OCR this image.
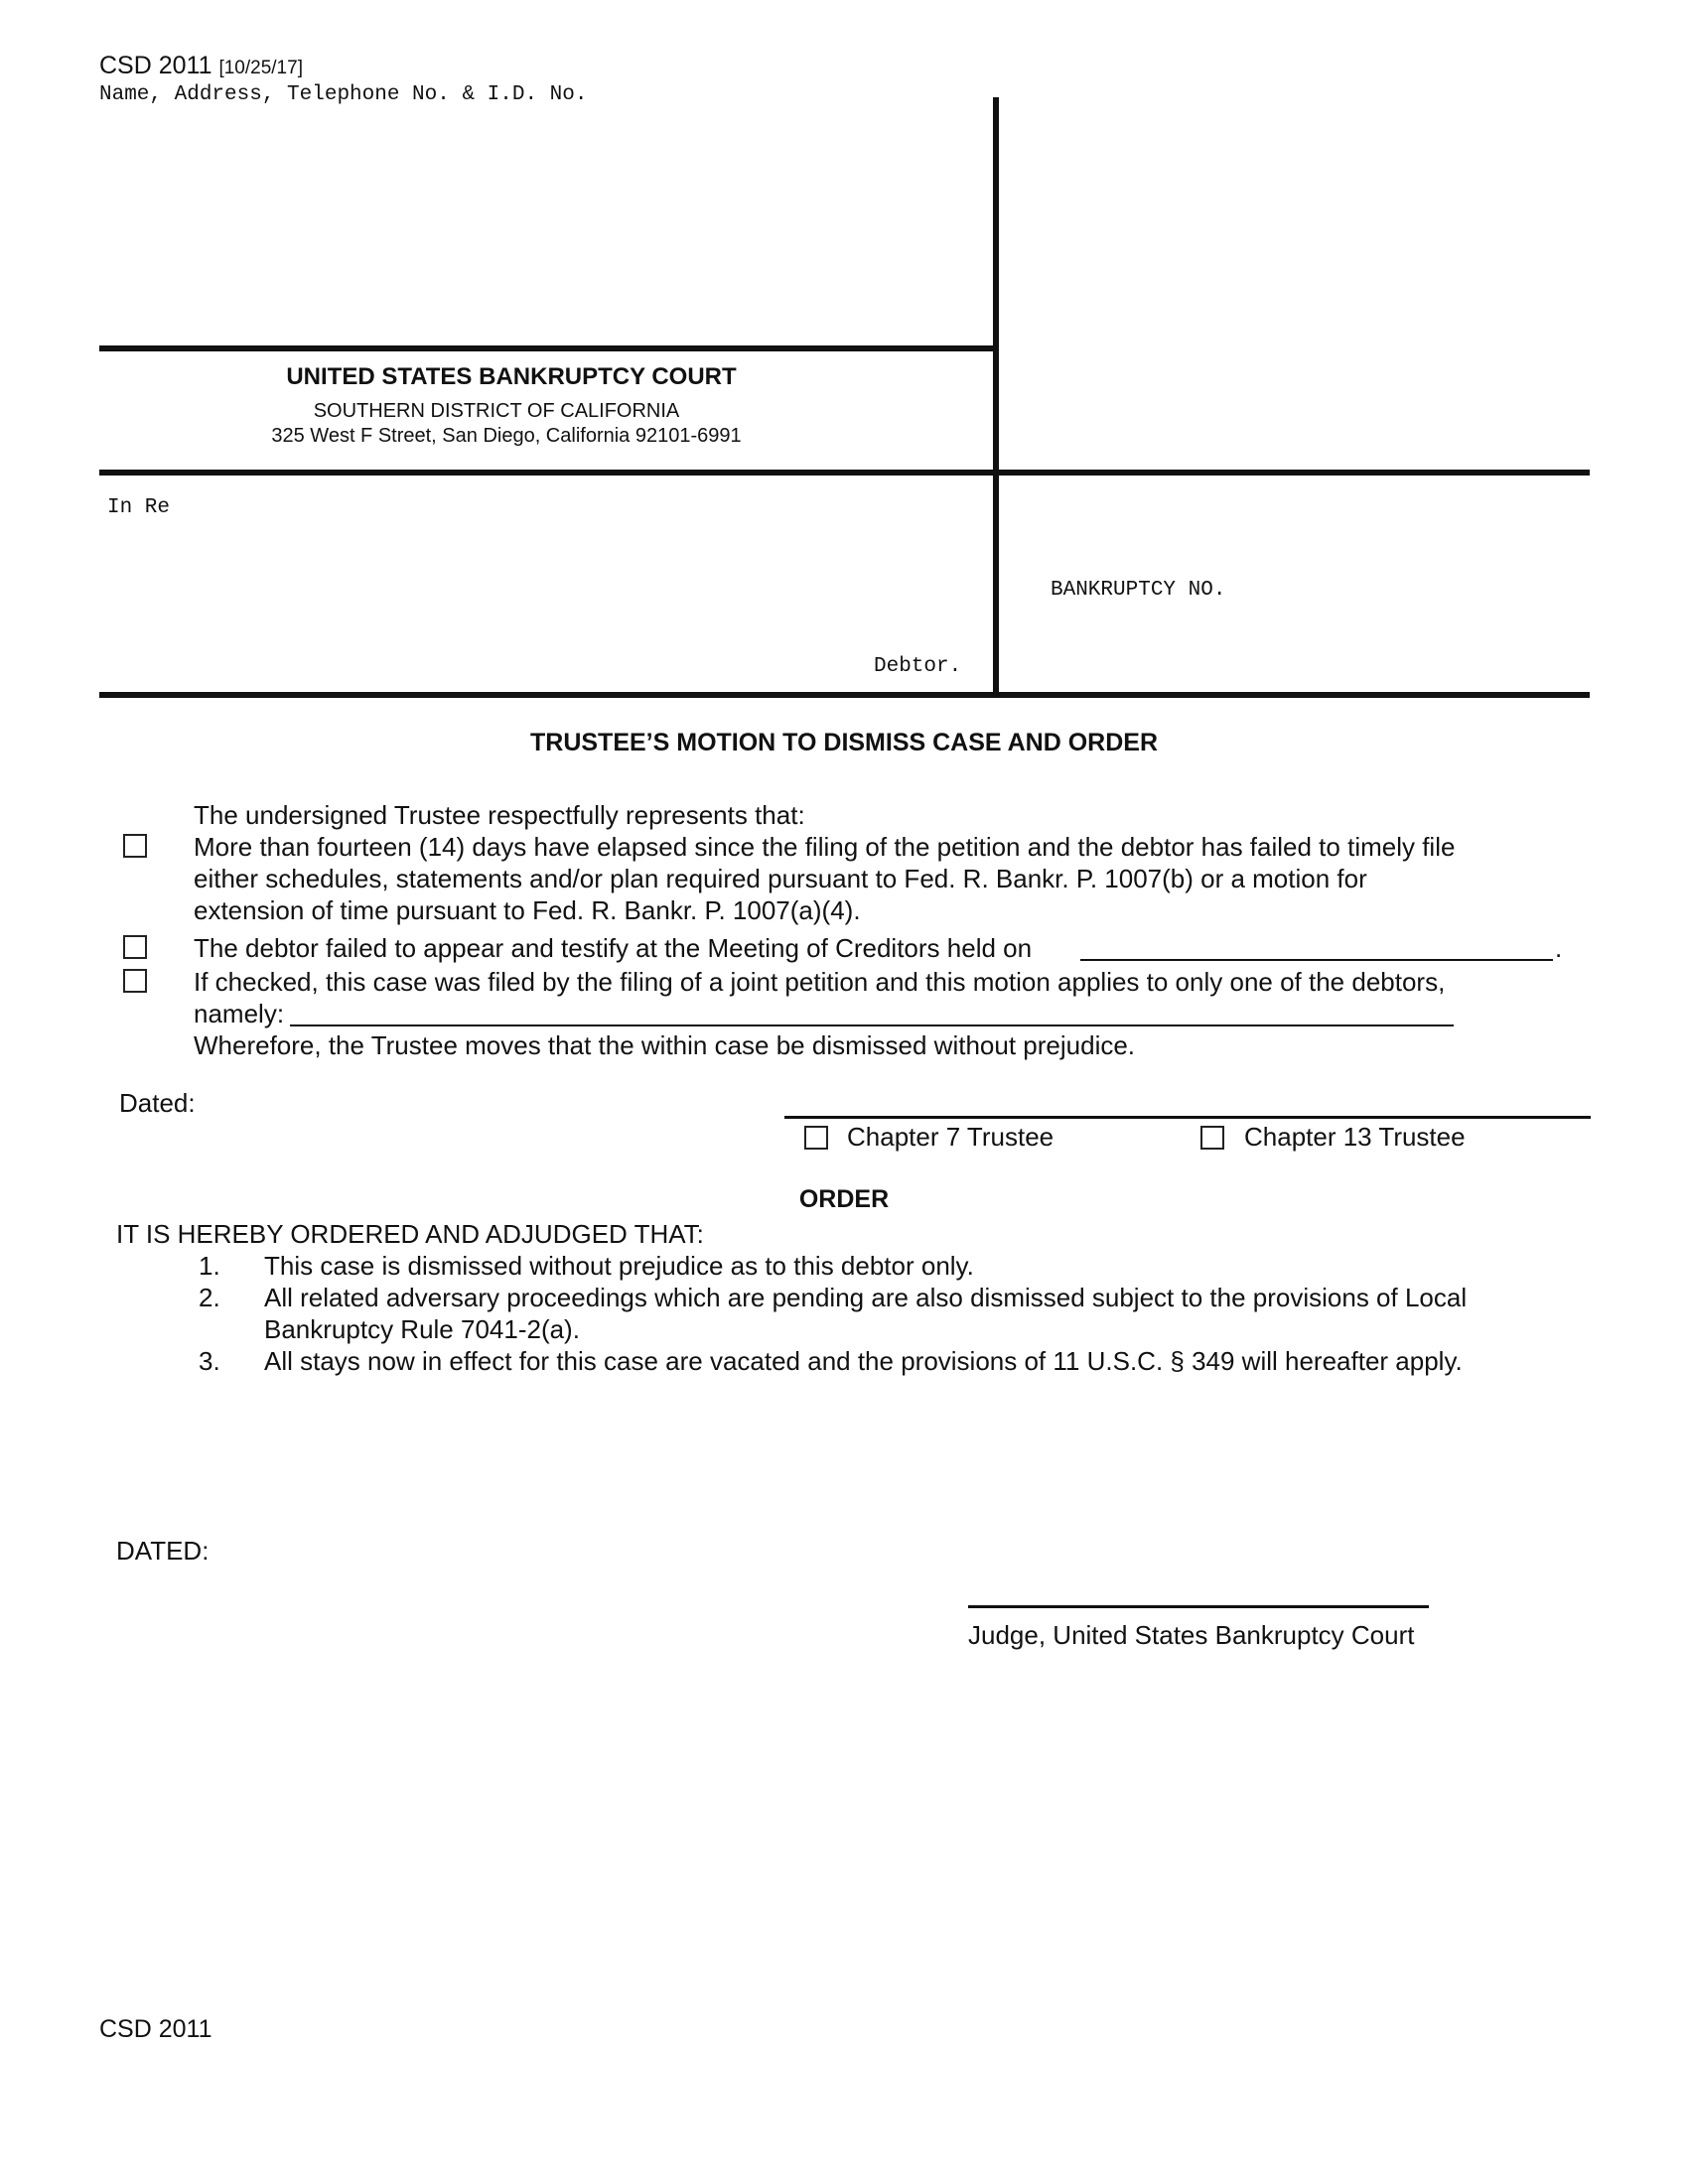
CSD 2011 [10/25/17]
Name, Address, Telephone No. & I.D. No.
UNITED STATES BANKRUPTCY COURT
SOUTHERN DISTRICT OF CALIFORNIA
325 West F Street, San Diego, California 92101-6991
In Re
Debtor.
BANKRUPTCY NO.
TRUSTEE’S MOTION TO DISMISS CASE AND ORDER
The undersigned Trustee respectfully represents that:
More than fourteen (14) days have elapsed since the filing of the petition and the debtor has failed to timely file
either schedules, statements and/or plan required pursuant to Fed. R. Bankr. P. 1007(b) or a motion for
extension of time pursuant to Fed. R. Bankr. P. 1007(a)(4).
The debtor failed to appear and testify at the Meeting of Creditors held on	.
If checked, this case was filed by the filing of a joint petition and this motion applies to only one of the debtors,
namely:
Wherefore, the Trustee moves that the within case be dismissed without prejudice.
Dated:
Chapter 7 Trustee	Chapter 13 Trustee
ORDER
IT IS HEREBY ORDERED AND ADJUDGED THAT:
1. This case is dismissed without prejudice as to this debtor only.
2. All related adversary proceedings which are pending are also dismissed subject to the provisions of Local
Bankruptcy Rule 7041-2(a).
3. All stays now in effect for this case are vacated and the provisions of 11 U.S.C. § 349 will hereafter apply.
DATED:
Judge, United States Bankruptcy Court
CSD 2011
